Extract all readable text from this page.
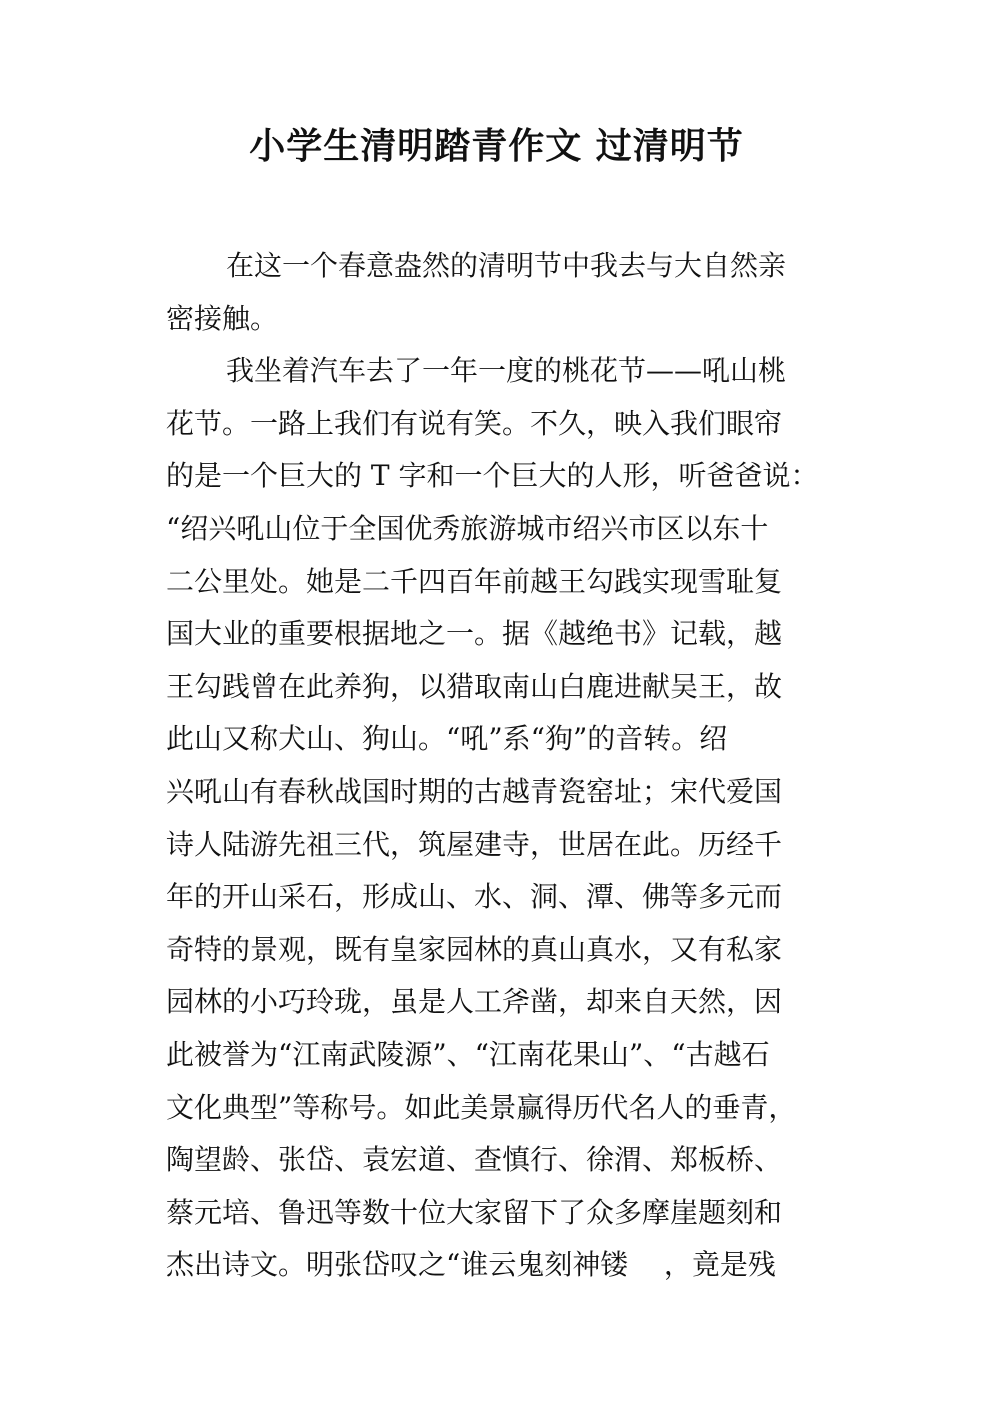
小学生清明踏青作文 过清明节
在这一个春意盎然的清明节中我去与大自然亲
密接触。
我坐着汽车去了一年一度的桃花节——吼山桃
花节。一路上我们有说有笑。不久，映入我们眼帘
的是一个巨大的 T 字和一个巨大的人形，听爸爸说：
“绍兴吼山位于全国优秀旅游城市绍兴市区以东十
二公里处。她是二千四百年前越王勾践实现雪耻复
国大业的重要根据地之一。据《越绝书》记载，越
王勾践曾在此养狗，以猎取南山白鹿进献吴王，故
此山又称犬山、狗山。“吼”系“狗”的音转。绍
兴吼山有春秋战国时期的古越青瓷窑址；宋代爱国
诗人陆游先祖三代，筑屋建寺，世居在此。历经千
年的开山采石，形成山、水、洞、潭、佛等多元而
奇特的景观，既有皇家园林的真山真水，又有私家
园林的小巧玲珑，虽是人工斧凿，却来自天然，因
此被誉为“江南武陵源”、“江南花果山”、“古越石
文化典型”等称号。如此美景赢得历代名人的垂青，
陶望龄、张岱、袁宏道、查慎行、徐渭、郑板桥、
蔡元培、鲁迅等数十位大家留下了众多摩崖题刻和
杰出诗文。明张岱叹之“谁云鬼刻神镂    ，竟是残
